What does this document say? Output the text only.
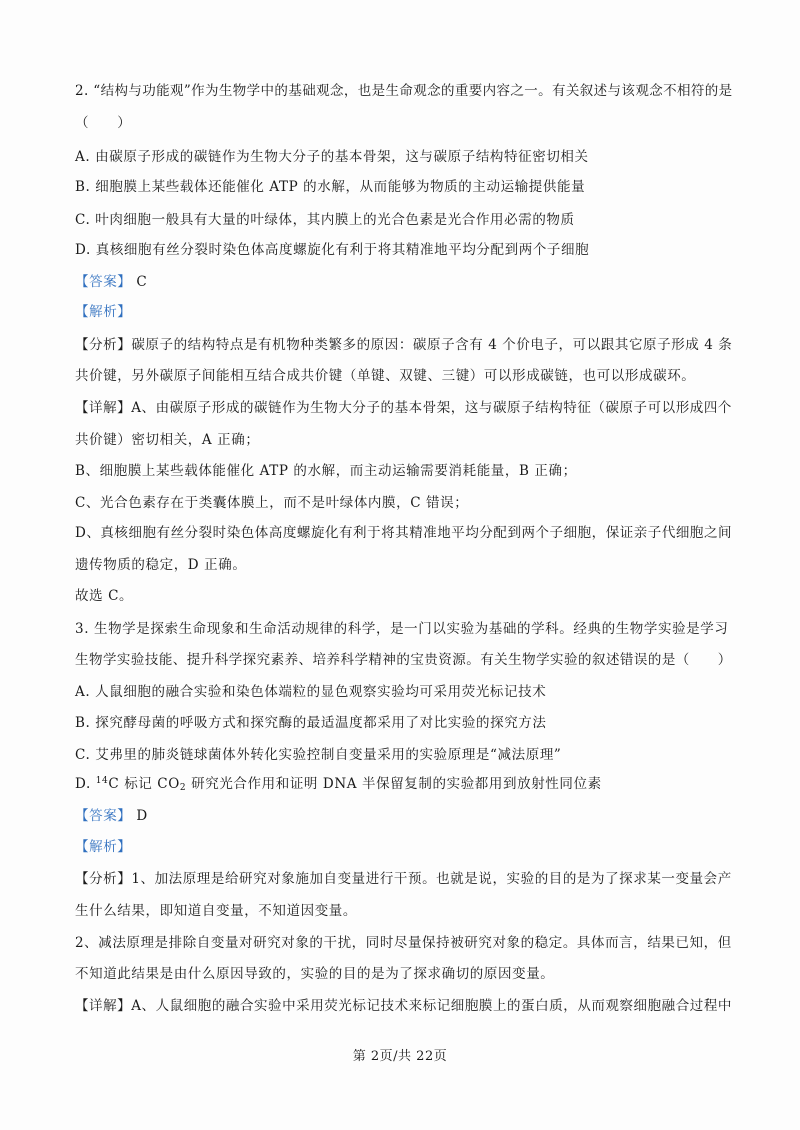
2. “结构与功能观”作为生物学中的基础观念，也是生命观念的重要内容之一。有关叙述与该观念不相符的是
（　　）
A. 由碳原子形成的碳链作为生物大分子的基本骨架，这与碳原子结构特征密切相关
B. 细胞膜上某些载体还能催化 ATP 的水解，从而能够为物质的主动运输提供能量
C. 叶肉细胞一般具有大量的叶绿体，其内膜上的光合色素是光合作用必需的物质
D. 真核细胞有丝分裂时染色体高度螺旋化有利于将其精准地平均分配到两个子细胞
【答案】 C
【解析】
【分析】碳原子的结构特点是有机物种类繁多的原因：碳原子含有 4 个价电子，可以跟其它原子形成 4 条
共价键，另外碳原子间能相互结合成共价键（单键、双键、三键）可以形成碳链，也可以形成碳环。
【详解】A、由碳原子形成的碳链作为生物大分子的基本骨架，这与碳原子结构特征（碳原子可以形成四个
共价键）密切相关，A 正确；
B、细胞膜上某些载体能催化 ATP 的水解，而主动运输需要消耗能量，B 正确；
C、光合色素存在于类囊体膜上，而不是叶绿体内膜，C 错误；
D、真核细胞有丝分裂时染色体高度螺旋化有利于将其精准地平均分配到两个子细胞，保证亲子代细胞之间
遗传物质的稳定，D 正确。
故选 C。
3. 生物学是探索生命现象和生命活动规律的科学，是一门以实验为基础的学科。经典的生物学实验是学习
生物学实验技能、提升科学探究素养、培养科学精神的宝贵资源。有关生物学实验的叙述错误的是（　　）
A. 人鼠细胞的融合实验和染色体端粒的显色观察实验均可采用荧光标记技术
B. 探究酵母菌的呼吸方式和探究酶的最适温度都采用了对比实验的探究方法
C. 艾弗里的肺炎链球菌体外转化实验控制自变量采用的实验原理是“减法原理”
D. $^{14}$C 标记 $CO_2$ 研究光合作用和证明 DNA 半保留复制的实验都用到放射性同位素
【答案】 D
【解析】
【分析】1、加法原理是给研究对象施加自变量进行干预。也就是说，实验的目的是为了探求某一变量会产
生什么结果，即知道自变量，不知道因变量。
2、减法原理是排除自变量对研究对象的干扰，同时尽量保持被研究对象的稳定。具体而言，结果已知，但
不知道此结果是由什么原因导致的，实验的目的是为了探求确切的原因变量。
【详解】A、人鼠细胞的融合实验中采用荧光标记技术来标记细胞膜上的蛋白质，从而观察细胞融合过程中
第 2页/共 22页
